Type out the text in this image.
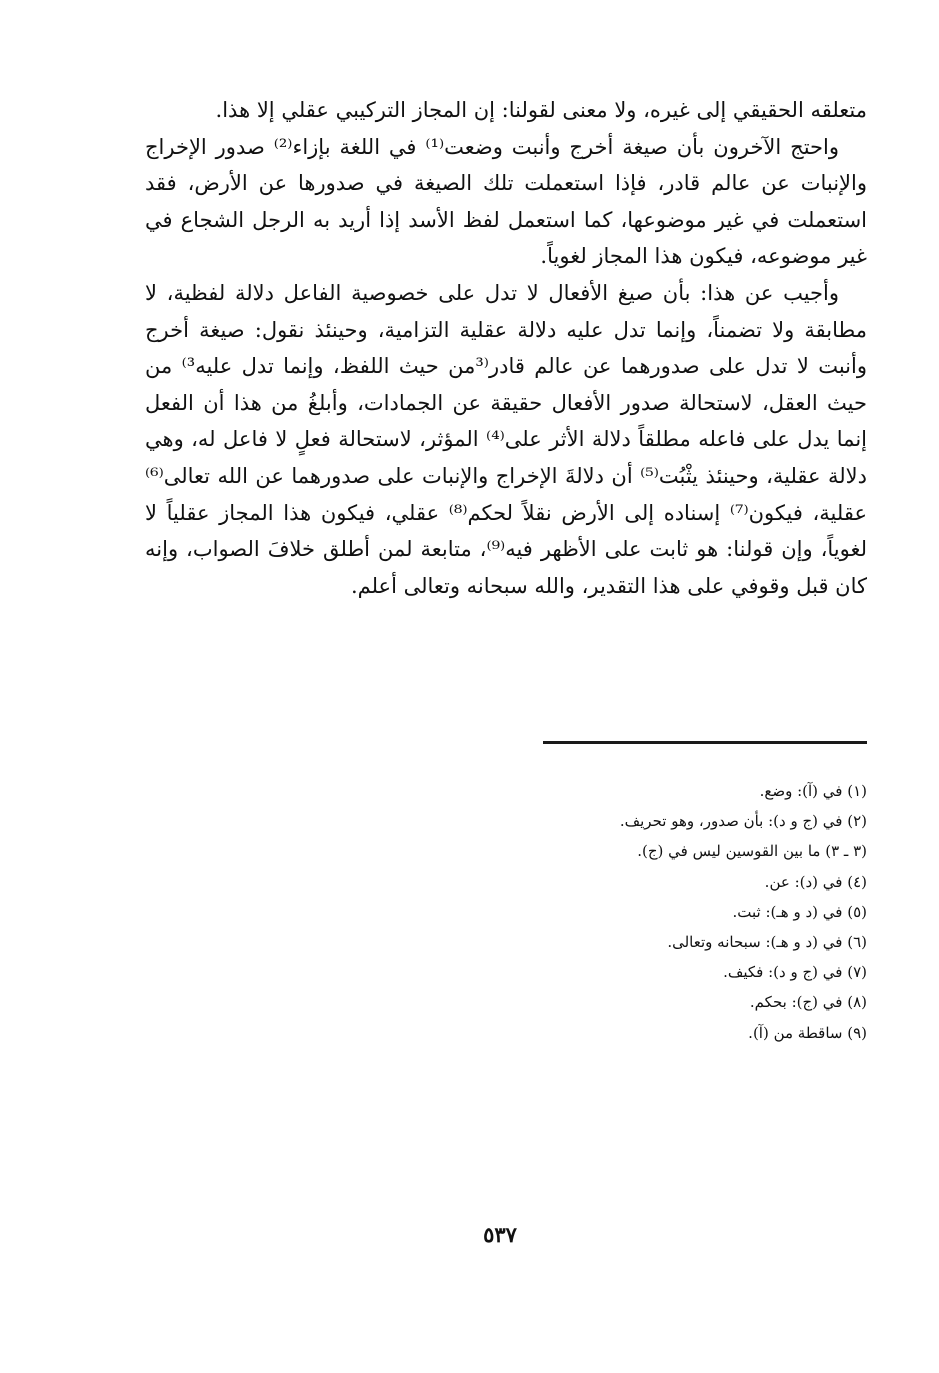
متعلقه الحقيقي إلى غيره، ولا معنى لقولنا: إن المجاز التركيبي عقلي إلا هذا.

واحتج الآخرون بأن صيغة أخرج وأنبت وضعت⁽¹⁾ في اللغة بإزاء⁽²⁾ صدور الإخراج والإنبات عن عالم قادر، فإذا استعملت تلك الصيغة في صدورها عن الأرض، فقد استعملت في غير موضوعها، كما استعمل لفظ الأسد إذا أريد به الرجل الشجاع في غير موضوعه، فيكون هذا المجاز لغوياً.

وأجيب عن هذا: بأن صيغ الأفعال لا تدل على خصوصية الفاعل دلالة لفظية، لا مطابقة ولا تضمناً، وإنما تدل عليه دلالة عقلية التزامية، وحينئذ نقول: صيغة أخرج وأنبت لا تدل على صدورهما عن عالم قادر⁽³من حيث اللفظ، وإنما تدل عليه³⁾ من حيث العقل، لاستحالة صدور الأفعال حقيقة عن الجمادات، وأبلغُ من هذا أن الفعل إنما يدل على فاعله مطلقاً دلالة الأثر على⁽⁴⁾ المؤثر، لاستحالة فعلٍ لا فاعل له، وهي دلالة عقلية، وحينئذ يثْبُت⁽⁵⁾ أن دلالةَ الإخراج والإنبات على صدورهما عن الله تعالى⁽⁶⁾ عقلية، فيكون⁽⁷⁾ إسناده إلى الأرض نقلاً لحكم⁽⁸⁾ عقلي، فيكون هذا المجاز عقلياً لا لغوياً، وإن قولنا: هو ثابت على الأظهر فيه⁽⁹⁾، متابعة لمن أطلق خلافَ الصواب، وإنه كان قبل وقوفي على هذا التقدير، والله سبحانه وتعالى أعلم.

(١) في (آ): وضع.
(٢) في (ج و د): بأن صدور، وهو تحريف.
(٣ ـ ٣) ما بين القوسين ليس في (ج).
(٤) في (د): عن.
(٥) في (د و هـ): ثبت.
(٦) في (د و هـ): سبحانه وتعالى.
(٧) في (ج و د): فكيف.
(٨) في (ج): بحكم.
(٩) ساقطة من (آ).
٥٣٧
